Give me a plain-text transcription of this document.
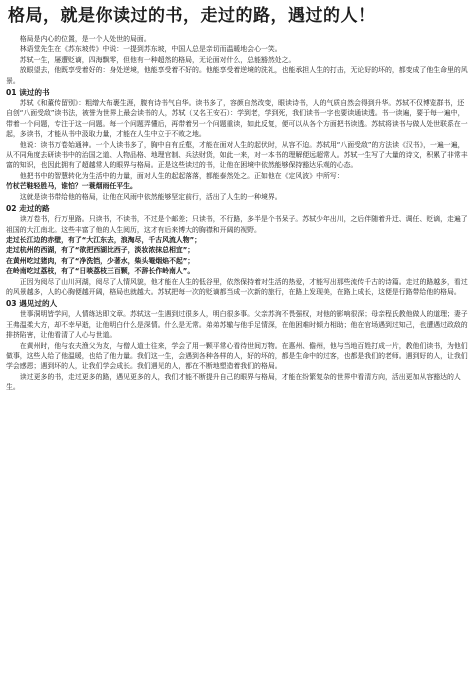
格局，就是你读过的书，走过的路，遇过的人！

格局是内心的位置，是一个人处世的局面。

林语堂先生在《苏东坡传》中说：一提到苏东坡，中国人总是亲切而温暖地会心一笑。

苏轼一生，屡遭贬谪，四海飘零，但他有一种超然的格局，无论面对什么，总能豁然处之。

放眼望去，他既享受着好的：身处逆境，他能享受着不好的。他能享受着逆境的洗礼，也能承担人生的打击，无论好的坏的，都变成了他生命里的风景。

01 读过的书

苏轼《和董传留别》：粗缯大布裹生涯，腹有诗书气自华。读书多了，容颜自然改变，眼读诗书，人的气质自然会得到升华。苏轼不仅博览群书，还自创“八面受敌”读书法，被誉为世界上最会读书的人，苏轼（又名王安石）：学到老，学到死，我们读书一字也要读通读透。书一读遍，要于每一遍中，带着一个问题，专注于这一问题。每一个问题弄懂后，再带着另一个问题重读，如此反复，便可以从各个方面把书读透。苏轼将读书与做人处世联系在一起，多读书，才能从书中汲取力量，才能在人生中立于不败之地。

他说：读书万卷始通神。一个人读书多了，胸中自有丘壑，才能在面对人生的起伏时，从容不迫。苏轼用“八面受敌”的方法读《汉书》，一遍一遍，从不同角度去研读书中的治国之道、人物品格、地理官制、兵法财货，如此一来，对一本书的理解便远超常人。苏轼一生写了大量的诗文，积累了非常丰富的知识，也因此拥有了超越常人的眼界与格局。正是这些读过的书，让他在困境中依然能够保持豁达乐观的心态。

他把书中的智慧转化为生活中的力量，面对人生的起起落落，都能泰然处之。正如他在《定风波》中所写：

竹杖芒鞋轻胜马，谁怕？一蓑烟雨任平生。

这就是读书带给他的格局，让他在风雨中依然能够坚定前行，活出了人生的一种境界。

02 走过的路

读万卷书，行万里路。只读书，不读书，不过是个邮差；只读书，不行路，多半是个书呆子。苏轼少年出川，之后伴随着升迁、调任、贬谪，走遍了祖国的大江南北。这些丰富了他的人生阅历，这才有后来博大的胸襟和开阔的视野。

走过长江边的赤壁，有了“大江东去，浪淘尽，千古风流人物”；

走过杭州的西湖，有了“欲把西湖比西子，淡妆浓抹总相宜”；

在黄州吃过猪肉，有了“净洗铛，少著水，柴头罨烟焰不起”；

在岭南吃过荔枝，有了“日啖荔枝三百颗，不辞长作岭南人”。

正因为阅尽了山川河湖，阅尽了人情风貌，他才能在人生的低谷里，依然保持着对生活的热爱，才能写出那些流传千古的诗篇。走过的路越多，看过的风景越多，人的心胸便越开阔，格局也就越大。苏轼把每一次的贬谪都当成一次新的旅行，在路上发现美，在路上成长，这便是行路带给他的格局。

03 遇见过的人

世事洞明皆学问，人情练达即文章。苏轼这一生遇到过很多人，明白很多事。父亲苏洵不畏强权，对他的影响很深；母亲程氏教他做人的道理；妻子王弗温柔大方，却不幸早逝，让他明白什么是深情。什么是无常。弟弟苏辙与他手足情深，在他困难时倾力相助；他在官场遇到过知己，也遭遇过政敌的排挤陷害，让他看清了人心与世道。

在黄州时，他与农夫渔父为友，与僧人道士往来，学会了用一颗平常心看待世间万物。在惠州、儋州，他与当地百姓打成一片，教他们读书，为他们做事，这些人给了他温暖，也给了他力量。我们这一生，会遇到各种各样的人，好的坏的，都是生命中的过客，也都是我们的老师。遇到好的人，让我们学会感恩；遇到坏的人，让我们学会成长。我们遇见的人，都在不断地塑造着我们的格局。

读过更多的书，走过更多的路，遇见更多的人，我们才能不断提升自己的眼界与格局，才能在纷繁复杂的世界中看清方向，活出更加从容豁达的人生。
